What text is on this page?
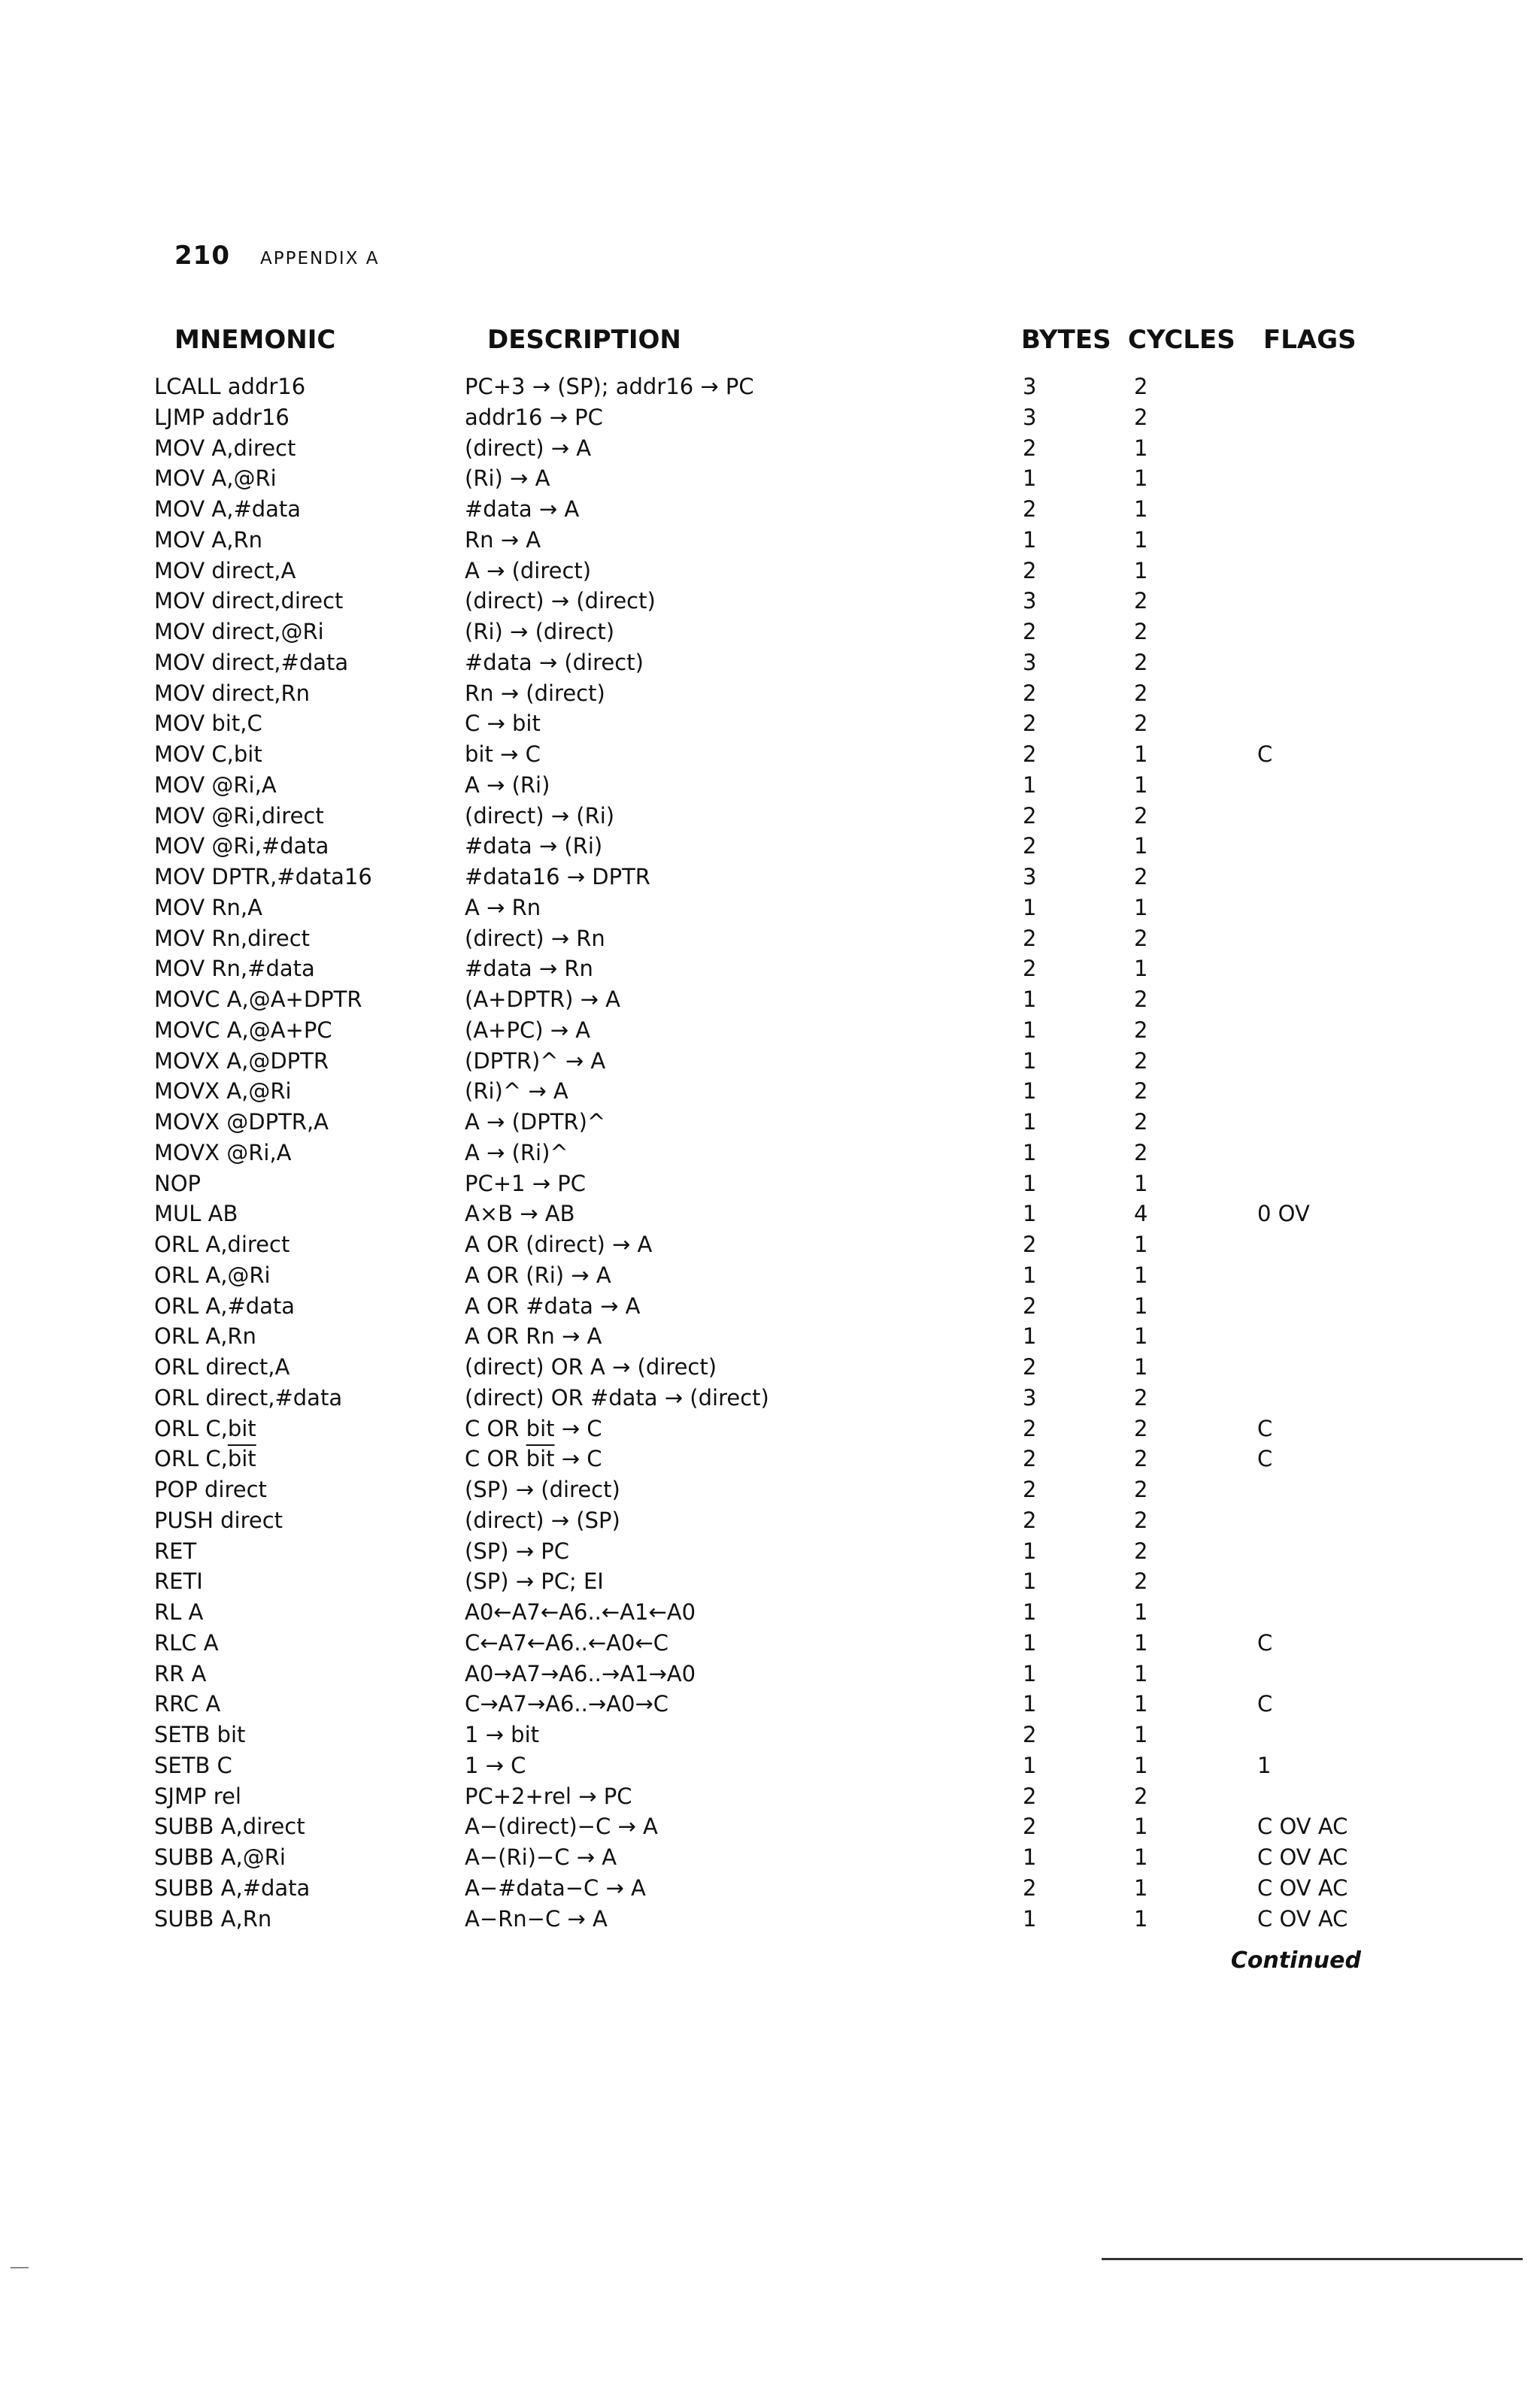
210 APPENDIX A
MNEMONIC	DESCRIPTION	BYTES CYCLES FLAGS
LCALL addr16	PC+3 → (SP); addr16 → PC	3	2
LJMP addr16	addr16 → PC	3	2
MOV A,direct	(direct) → A	2	1
MOV A,@Ri	(Ri) → A	1	1
MOV A,#data	#data → A	2	1
MOV A,Rn	Rn → A	1	1
MOV direct,A	A → (direct)	2	1
MOV direct,direct	(direct) → (direct)	3	2
MOV direct,@Ri	(Ri) → (direct)	2	2
MOV direct,#data	#data → (direct)	3	2
MOV direct,Rn	Rn → (direct)	2	2
MOV bit,C	C → bit	2	2
MOV C,bit	bit → C	2	1	C
MOV @Ri,A	A → (Ri)	1	1
MOV @Ri,direct	(direct) → (Ri)	2	2
MOV @Ri,#data	#data → (Ri)	2	1
MOV DPTR,#data16	#data16 → DPTR	3	2
MOV Rn,A	A → Rn	1	1
MOV Rn,direct	(direct) → Rn	2	2
MOV Rn,#data	#data → Rn	2	1
MOVC A,@A+DPTR	(A+DPTR) → A	1	2
MOVC A,@A+PC	(A+PC) → A	1	2
MOVX A,@DPTR	(DPTR)^ → A	1	2
MOVX A,@Ri	(Ri)^ → A	1	2
MOVX @DPTR,A	A → (DPTR)^	1	2
MOVX @Ri,A	A → (Ri)^	1	2
NOP	PC+1 → PC	1	1
MUL AB	A×B → AB	1	4	0 OV
ORL A,direct	A OR (direct) → A	2	1
ORL A,@Ri	A OR (Ri) → A	1	1
ORL A,#data	A OR #data → A	2	1
ORL A,Rn	A OR Rn → A	1	1
ORL direct,A	(direct) OR A → (direct)	2	1
ORL direct,#data	(direct) OR #data → (direct)	3	2
ORL C,bit	C OR bit → C	2	2	C
ORL $C,\overline{bit}$	C OR $\overline{bit} \to C$	2	2	C
POP direct	(SP) → (direct)	2	2
PUSH direct	(direct) → (SP)	2	2
RET	(SP) → PC	1	2
RETI	(SP) → PC; EI	1	2
RL A	A0←A7←A6..←A1←A0	1	1
RLC A	C←A7←A6..←A0←C	1	1	C
RR A	A0→A7→A6..→A1→A0	1	1
RRC A	C→A7→A6..→A0→C	1	1	C
SETB bit	1 → bit	2	1
SETB C	1 → C	1	1	1
SJMP rel	PC+2+rel → PC	2	2
SUBB A,direct	A−(direct)−C → A	2	1	C OV AC
SUBB A,@Ri	A−(Ri)−C → A	1	1	C OV AC
SUBB A,#data	A−#data−C → A	2	1	C OV AC
SUBB A,Rn	A−Rn−C → A	1	1	C OV AC
Continued
